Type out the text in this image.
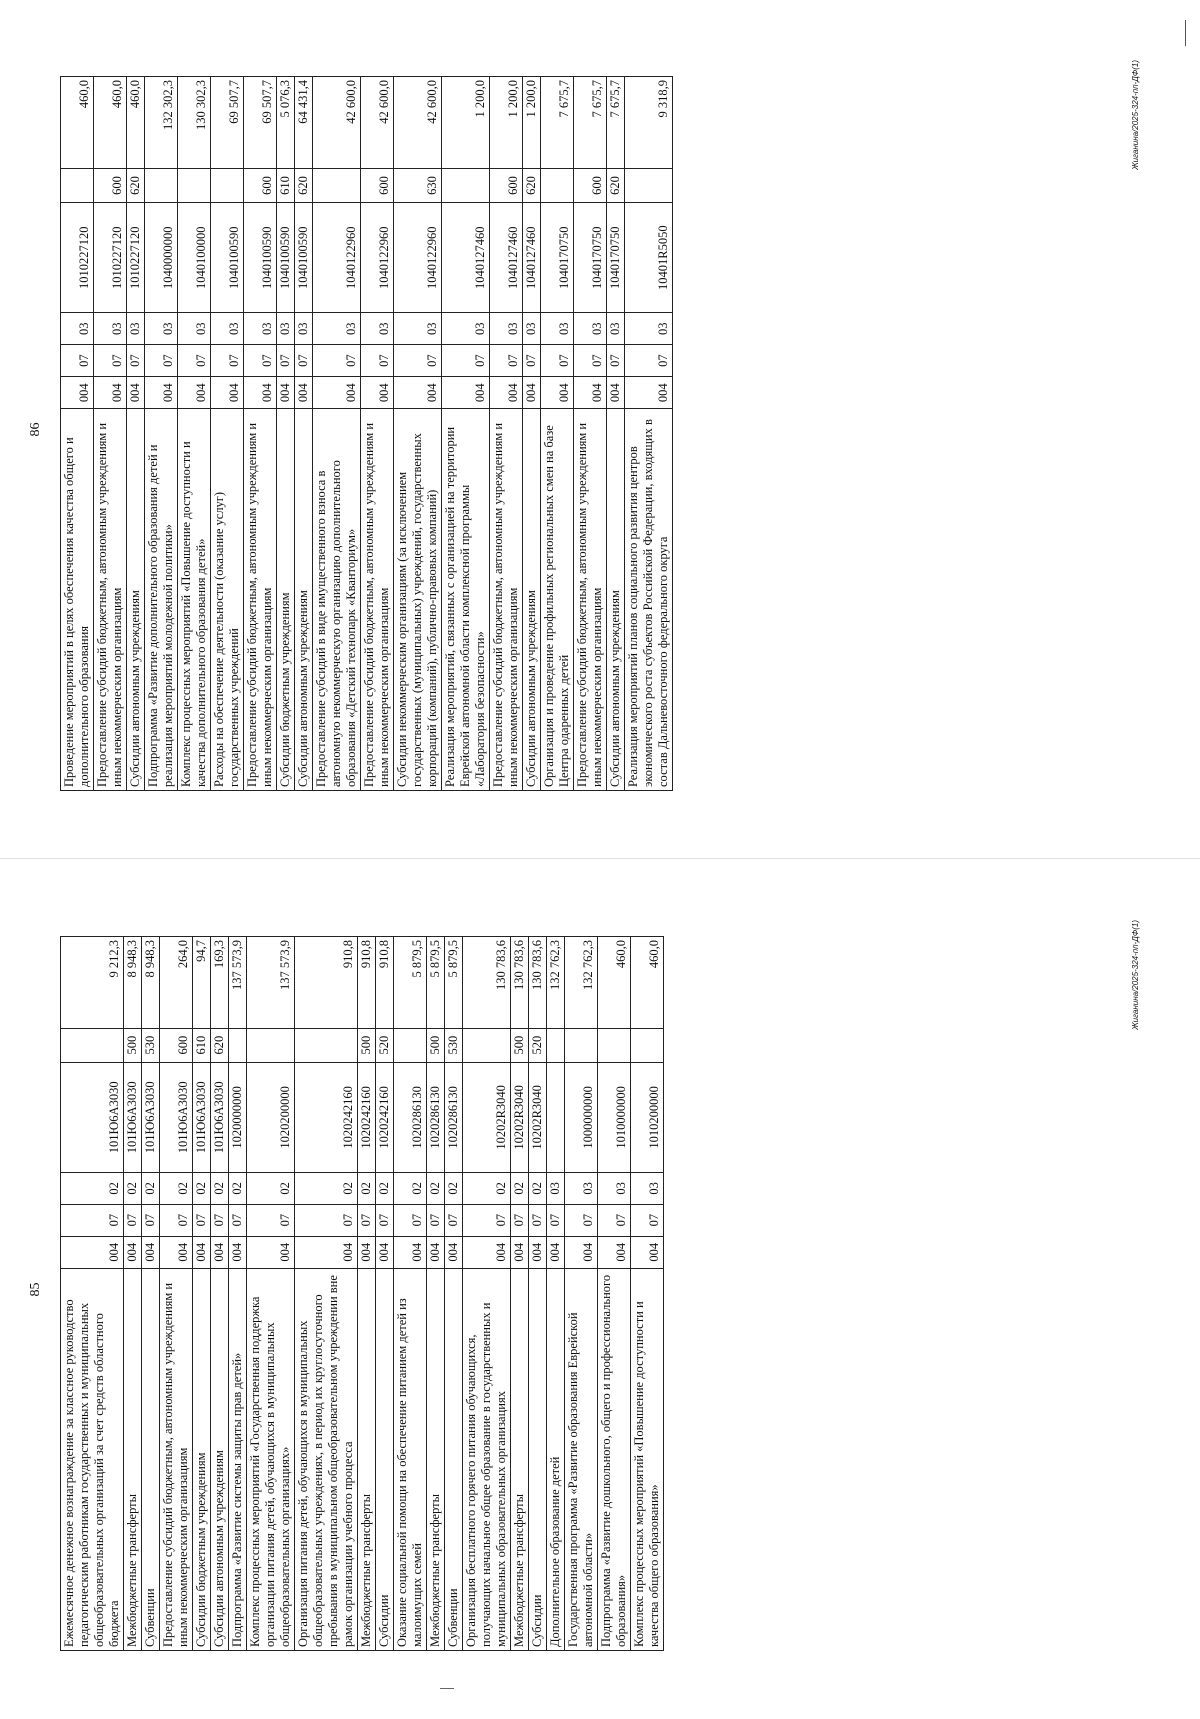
86
Проведение мероприятий в целях обеспечения качества общего и дополнительного образования	004	07	03	1010227120		460,0
Предоставление субсидий бюджетным, автономным учреждениям и иным некоммерческим организациям	004	07	03	1010227120	600	460,0
Субсидии автономным учреждениям	004	07	03	1010227120	620	460,0
Подпрограмма «Развитие дополнительного образования детей и реализация мероприятий молодежной политики»	004	07	03	1040000000		132 302,3
Комплекс процессных мероприятий «Повышение доступности и качества дополнительного образования детей»	004	07	03	1040100000		130 302,3
Расходы на обеспечение деятельности (оказание услуг) государственных учреждений	004	07	03	1040100590		69 507,7
Предоставление субсидий бюджетным, автономным учреждениям и иным некоммерческим организациям	004	07	03	1040100590	600	69 507,7
Субсидии бюджетным учреждениям	004	07	03	1040100590	610	5 076,3
Субсидии автономным учреждениям	004	07	03	1040100590	620	64 431,4
Предоставление субсидий в виде имущественного взноса в автономную некоммерческую организацию дополнительного образования «Детский технопарк «Кванториум»	004	07	03	1040122960		42 600,0
Предоставление субсидий бюджетным, автономным учреждениям и иным некоммерческим организациям	004	07	03	1040122960	600	42 600,0
Субсидии некоммерческим организациям (за исключением государственных (муниципальных) учреждений, государственных корпораций (компаний), публично-правовых компаний)	004	07	03	1040122960	630	42 600,0
Реализация мероприятий, связанных с организацией на территории Еврейской автономной области комплексной программы «Лаборатория безопасности»	004	07	03	1040127460		1 200,0
Предоставление субсидий бюджетным, автономным учреждениям и иным некоммерческим организациям	004	07	03	1040127460	600	1 200,0
Субсидии автономным учреждениям	004	07	03	1040127460	620	1 200,0
Организация и проведение профильных региональных смен на базе Центра одаренных детей	004	07	03	1040170750		7 675,7
Предоставление субсидий бюджетным, автономным учреждениям и иным некоммерческим организациям	004	07	03	1040170750	600	7 675,7
Субсидии автономным учреждениям	004	07	03	1040170750	620	7 675,7
Реализация мероприятий планов социального развития центров экономического роста субъектов Российской Федерации, входящих в состав Дальневосточного федерального округа	004	07	03	10401R5050		9 318,9	Жиганина/2025-324-пп-ДФ(1)
85
Ежемесячное денежное вознаграждение за классное руководство педагогическим работникам государственных и муниципальных общеобразовательных организаций за счет средств областного бюджета	004	07	02	101Ю6А3030		9 212,3
Межбюджетные трансферты	004	07	02	101Ю6А3030	500	8 948,3
Субвенции	004	07	02	101Ю6А3030	530	8 948,3
Предоставление субсидий бюджетным, автономным учреждениям и иным некоммерческим организациям	004	07	02	101Ю6А3030	600	264,0
Субсидии бюджетным учреждениям	004	07	02	101Ю6А3030	610	94,7
Субсидии автономным учреждениям	004	07	02	101Ю6А3030	620	169,3
Подпрограмма «Развитие системы защиты прав детей»	004	07	02	1020000000		137 573,9
Комплекс процессных мероприятий «Государственная поддержка организации питания детей, обучающихся в муниципальных общеобразовательных организациях»	004	07	02	1020200000		137 573,9
Организация питания детей, обучающихся в муниципальных общеобразовательных учреждениях, в период их круглосуточного пребывания в муниципальном общеобразовательном учреждении вне рамок организации учебного процесса	004	07	02	1020242160		910,8
Межбюджетные трансферты	004	07	02	1020242160	500	910,8
Субсидии	004	07	02	1020242160	520	910,8
Оказание социальной помощи на обеспечение питанием детей из малоимущих семей	004	07	02	1020286130		5 879,5
Межбюджетные трансферты	004	07	02	1020286130	500	5 879,5
Субвенции	004	07	02	1020286130	530	5 879,5
Организация бесплатного горячего питания обучающихся, получающих начальное общее образование в государственных и муниципальных образовательных организациях	004	07	02	10202R3040		130 783,6
Межбюджетные трансферты	004	07	02	10202R3040	500	130 783,6
Субсидии	004	07	02	10202R3040	520	130 783,6
Дополнительное образование детей	004	07	03			132 762,3
Государственная программа «Развитие образования Еврейской автономной области»	004	07	03	1000000000		132 762,3
Подпрограмма «Развитие дошкольного, общего и профессионального образования»	004	07	03	1010000000		460,0
Комплекс процессных мероприятий «Повышение доступности и качества общего образования»	004	07	03	1010200000		460,0	Жиганина/2025-324-пп-ДФ(1)
